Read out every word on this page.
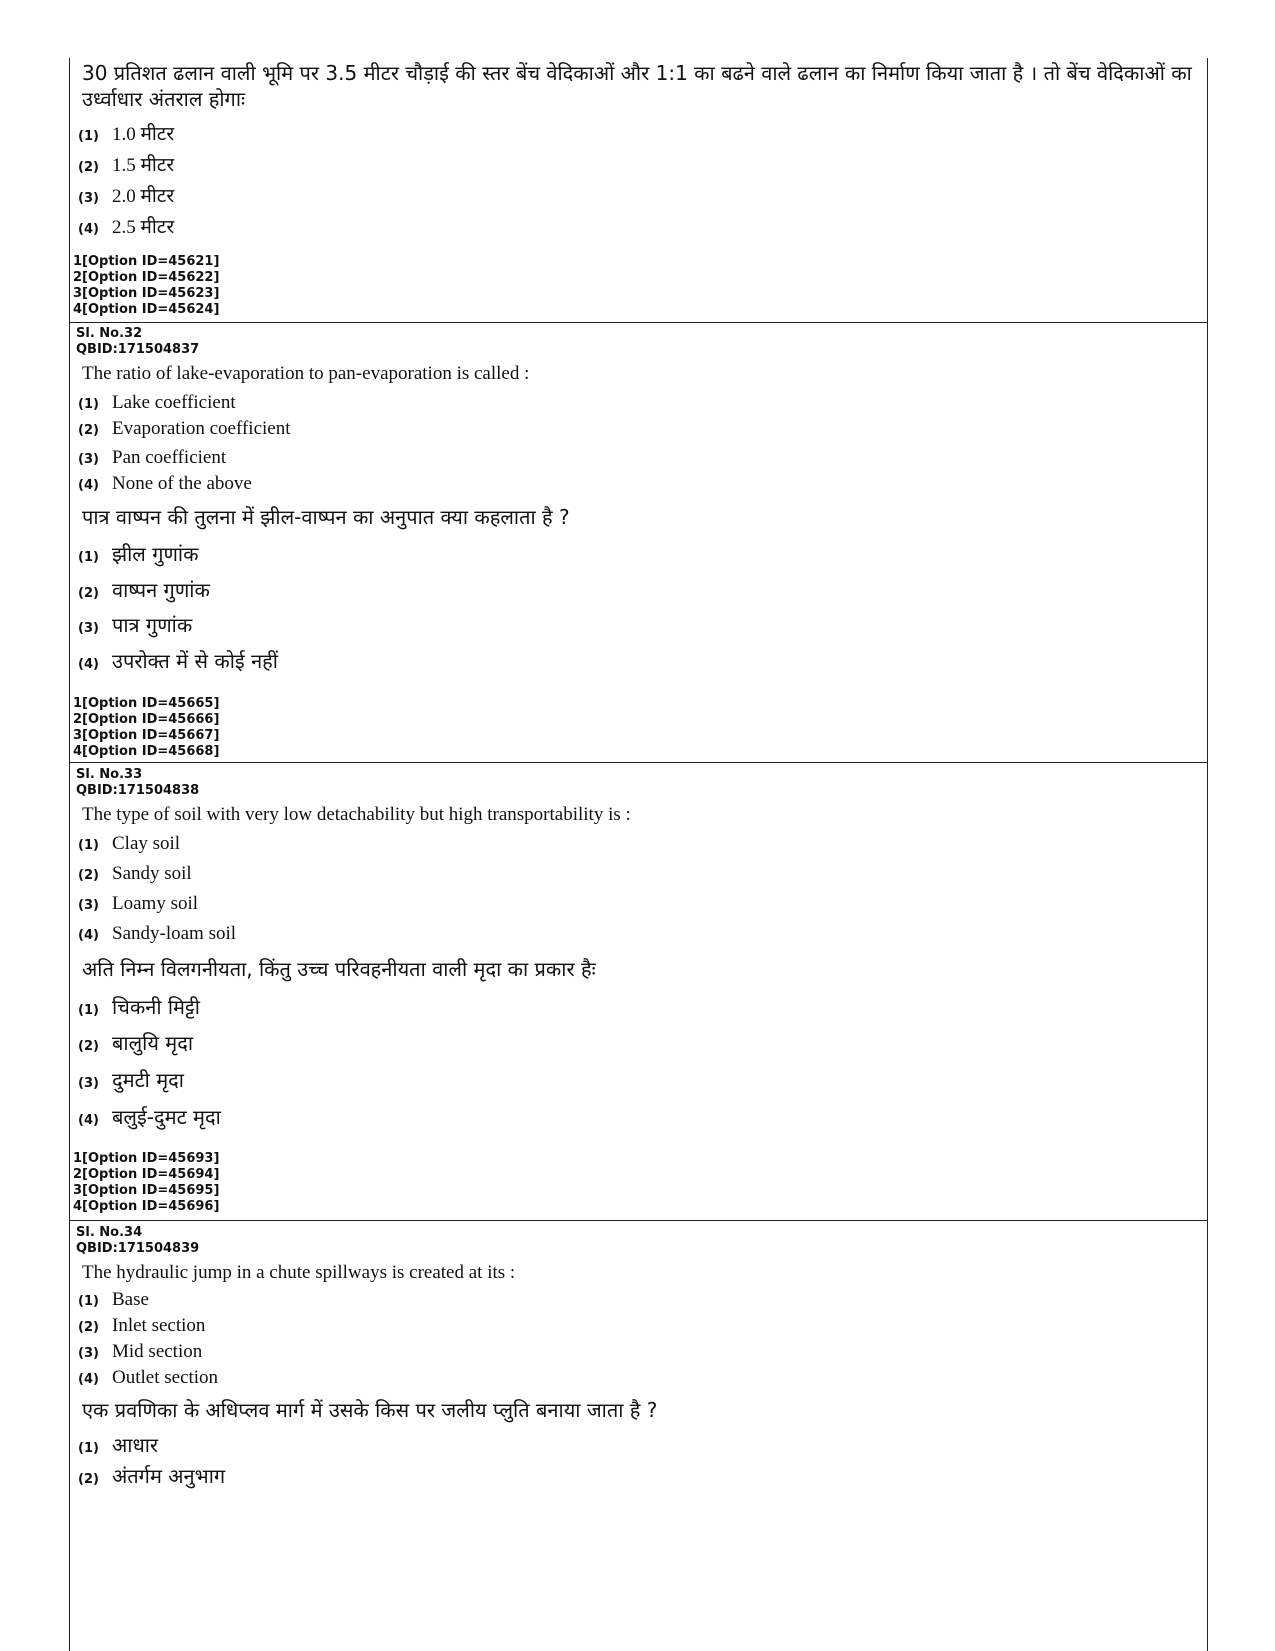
30 प्रतिशत ढलान वाली भूमि पर 3.5 मीटर चौड़ाई की स्तर बेंच वेदिकाओं और 1:1 का बढने वाले ढलान का निर्माण किया जाता है । तो बेंच वेदिकाओं का उर्ध्वाधार अंतराल होगाः
(1) 1.0 मीटर
(2) 1.5 मीटर
(3) 2.0 मीटर
(4) 2.5 मीटर
1[Option ID=45621]
2[Option ID=45622]
3[Option ID=45623]
4[Option ID=45624]
Sl. No.32
QBID:171504837
The ratio of lake-evaporation to pan-evaporation is called :
(1) Lake coefficient
(2) Evaporation coefficient
(3) Pan coefficient
(4) None of the above
पात्र वाष्पन की तुलना में झील-वाष्पन का अनुपात क्या कहलाता है ?
(1) झील गुणांक
(2) वाष्पन गुणांक
(3) पात्र गुणांक
(4) उपरोक्त में से कोई नहीं
1[Option ID=45665]
2[Option ID=45666]
3[Option ID=45667]
4[Option ID=45668]
Sl. No.33
QBID:171504838
The type of soil with very low detachability but high transportability is :
(1) Clay soil
(2) Sandy soil
(3) Loamy soil
(4) Sandy-loam soil
अति निम्न विलगनीयता, किंतु उच्च परिवहनीयता वाली मृदा का प्रकार हैः
(1) चिकनी मिट्टी
(2) बालुयि मृदा
(3) दुमटी मृदा
(4) बलुई-दुमट मृदा
1[Option ID=45693]
2[Option ID=45694]
3[Option ID=45695]
4[Option ID=45696]
Sl. No.34
QBID:171504839
The hydraulic jump in a chute spillways is created at its :
(1) Base
(2) Inlet section
(3) Mid section
(4) Outlet section
एक प्रवणिका के अधिप्लव मार्ग में उसके किस पर जलीय प्लुति बनाया जाता है ?
(1) आधार
(2) अंतर्गम अनुभाग
